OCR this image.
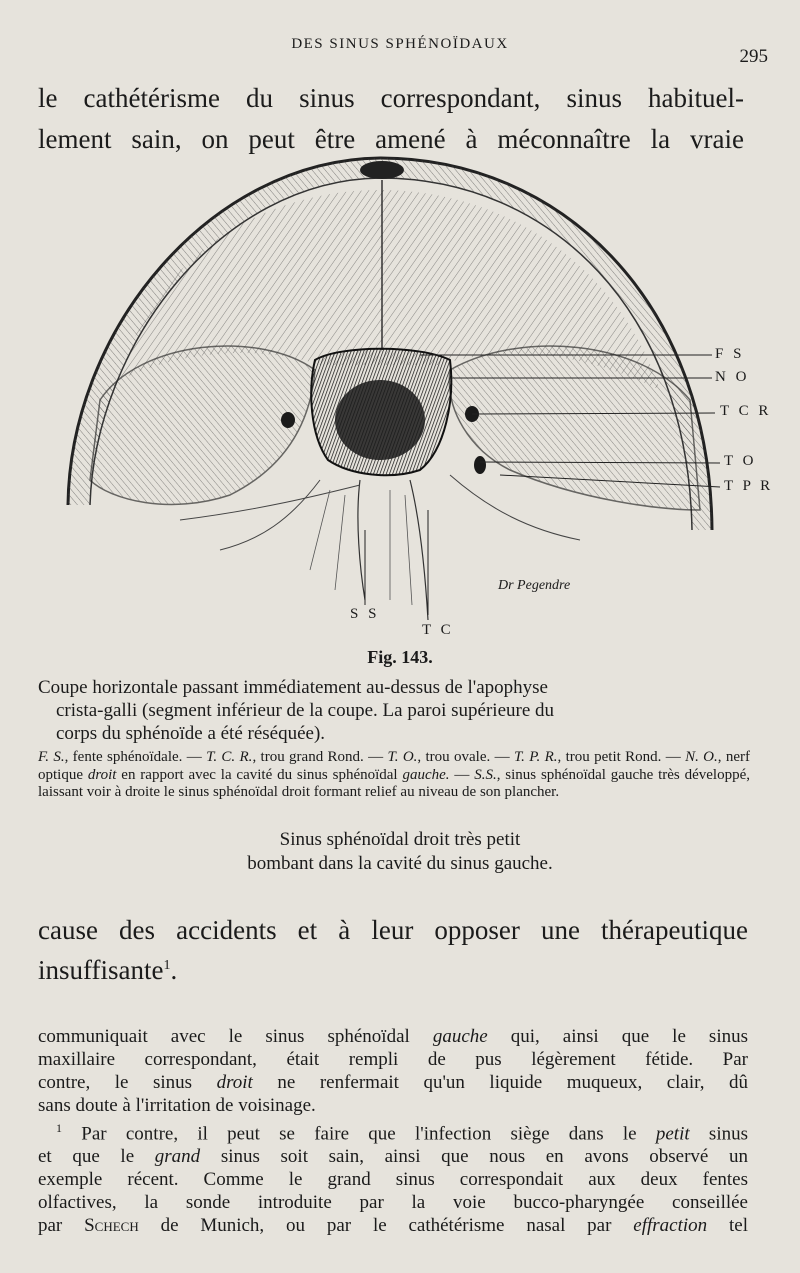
DES SINUS SPHÉNOÏDAUX
295
le cathétérisme du sinus correspondant, sinus habituel-
lement sain, on peut être amené à méconnaître la vraie
F S
N O
T C R
T O
T P R
S S
T C
Dr Pegendre
Fig. 143.
Coupe horizontale passant immédiatement au-dessus de l'apophyse
crista-galli (segment inférieur de la coupe. La paroi supérieure du
corps du sphénoïde a été réséquée).
F. S., fente sphénoïdale. — T. C. R., trou grand Rond. — T. O., trou ovale. — T. P. R., trou petit Rond. — N. O., nerf optique droit en rapport avec la cavité du sinus sphénoïdal gauche. — S.S., sinus sphénoïdal gauche très développé, laissant voir à droite le sinus sphénoïdal droit formant relief au niveau de son plancher.
Sinus sphénoïdal droit très petit
bombant dans la cavité du sinus gauche.
cause des accidents et à leur opposer une thérapeutique
insuffisante$^1$.
communiquait avec le sinus sphénoïdal gauche qui, ainsi que le sinus
maxillaire correspondant, était rempli de pus légèrement fétide. Par
contre, le sinus droit ne renfermait qu'un liquide muqueux, clair, dû
sans doute à l'irritation de voisinage.
$^1$ Par contre, il peut se faire que l'infection siège dans le petit sinus
et que le grand sinus soit sain, ainsi que nous en avons observé un
exemple récent. Comme le grand sinus correspondait aux deux fentes
olfactives, la sonde introduite par la voie bucco-pharyngée conseillée
par Schech de Munich, ou par le cathétérisme nasal par effraction tel
